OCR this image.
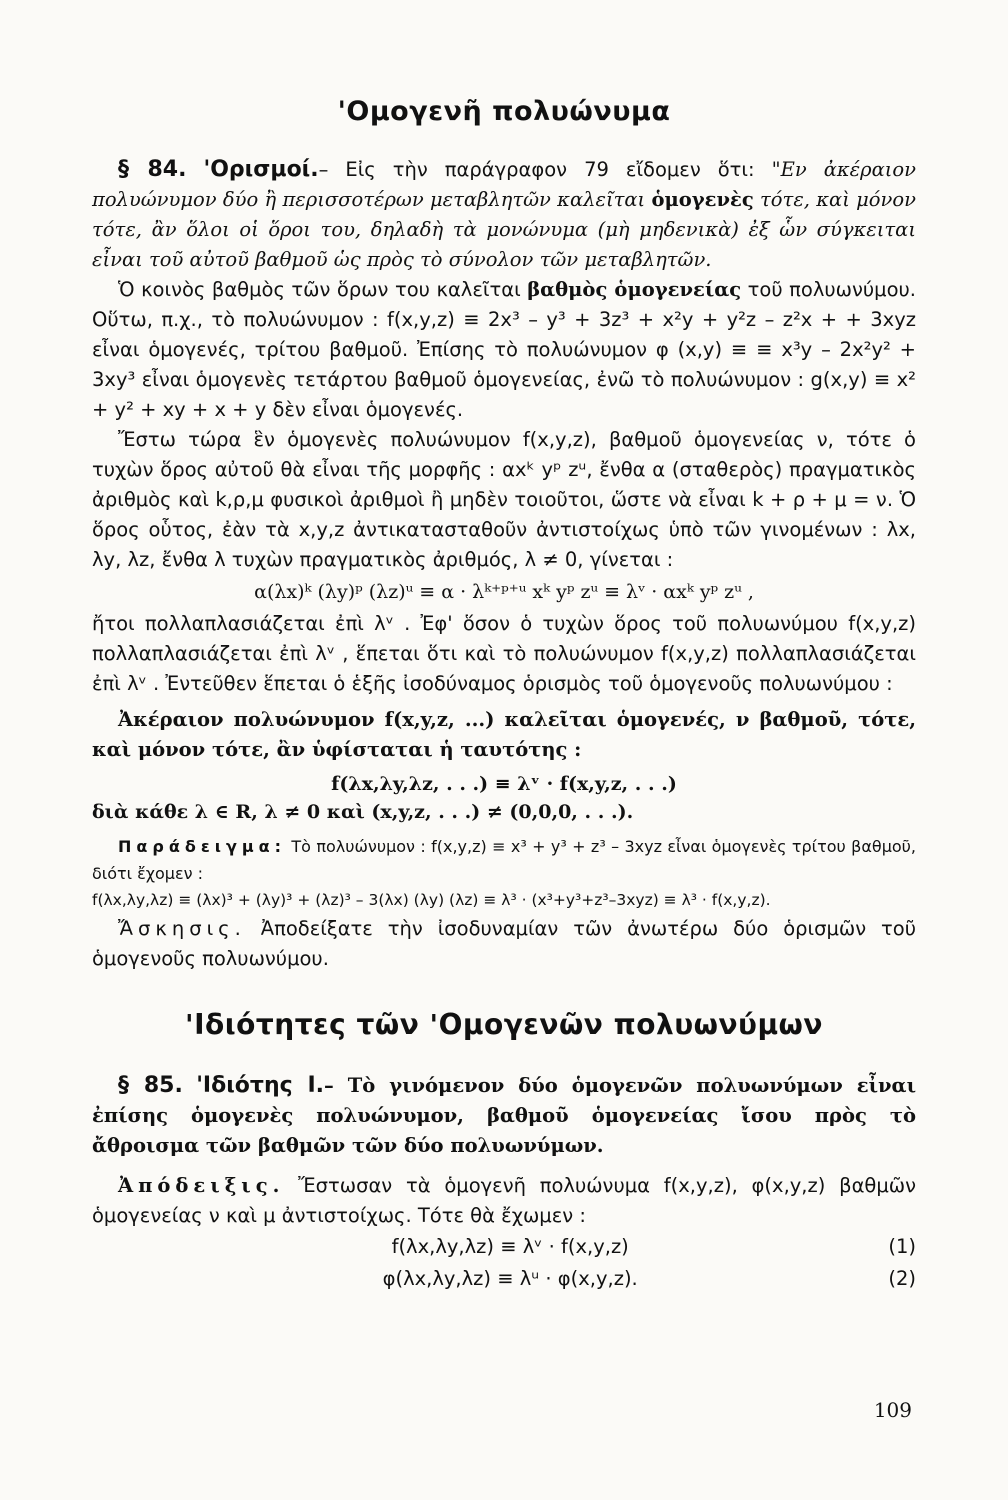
'Ομογενῆ πολυώνυμα

§ 84. 'Ορισμοί.– Εἰς τὴν παράγραφον 79 εἴδομεν ὅτι: "Εν ἀκέραιον πολυώνυμον δύο ἢ περισσοτέρων μεταβλητῶν καλεῖται ὁμογενὲς τότε, καὶ μόνον τότε, ἂν ὅλοι οἱ ὅροι του, δηλαδὴ τὰ μονώνυμα (μὴ μηδενικὰ) ἐξ ὧν σύγκειται εἶναι τοῦ αὐτοῦ βαθμοῦ ὡς πρὸς τὸ σύνολον τῶν μεταβλητῶν.

Ὁ κοινὸς βαθμὸς τῶν ὅρων του καλεῖται βαθμὸς ὁμογενείας τοῦ πολυωνύμου. Οὕτω, π.χ., τὸ πολυώνυμον : f(x,y,z) ≡ 2x³ – y³ + 3z³ + x²y + y²z – z²x + + 3xyz εἶναι ὁμογενές, τρίτου βαθμοῦ. Ἐπίσης τὸ πολυώνυμον φ (x,y) ≡ ≡ x³y – 2x²y² + 3xy³ εἶναι ὁμογενὲς τετάρτου βαθμοῦ ὁμογενείας, ἐνῶ τὸ πολυώνυμον : g(x,y) ≡ x² + y² + xy + x + y δὲν εἶναι ὁμογενές.

Ἔστω τώρα ἓν ὁμογενὲς πολυώνυμον f(x,y,z), βαθμοῦ ὁμογενείας ν, τότε ὁ τυχὼν ὅρος αὐτοῦ θὰ εἶναι τῆς μορφῆς : αxᵏ yᵖ zᵘ, ἔνθα α (σταθερὸς) πραγματικὸς ἀριθμὸς καὶ k,ρ,μ φυσικοὶ ἀριθμοὶ ἢ μηδὲν τοιοῦτοι, ὥστε νὰ εἶναι k + ρ + μ = ν. Ὁ ὅρος οὗτος, ἐὰν τὰ x,y,z ἀντικατασταθοῦν ἀντιστοίχως ὑπὸ τῶν γινομένων : λx, λy, λz, ἔνθα λ τυχὼν πραγματικὸς ἀριθμός, λ ≠ 0, γίνεται :

α(λx)ᵏ (λy)ᵖ (λz)ᵘ ≡ α · λᵏ⁺ᵖ⁺ᵘ xᵏ yᵖ zᵘ ≡ λᵛ · αxᵏ yᵖ zᵘ ,

ἤτοι πολλαπλασιάζεται ἐπὶ λᵛ . Ἐφ' ὅσον ὁ τυχὼν ὅρος τοῦ πολυωνύμου f(x,y,z) πολλαπλασιάζεται ἐπὶ λᵛ , ἕπεται ὅτι καὶ τὸ πολυώνυμον f(x,y,z) πολλαπλασιάζεται ἐπὶ λᵛ . Ἐντεῦθεν ἕπεται ὁ ἑξῆς ἰσοδύναμος ὁρισμὸς τοῦ ὁμογενοῦς πολυωνύμου :

Ἀκέραιον πολυώνυμον f(x,y,z, ...) καλεῖται ὁμογενές, ν βαθμοῦ, τότε, καὶ μόνον τότε, ἂν ὑφίσταται ἡ ταυτότης :

f(λx,λy,λz, . . .) ≡ λᵛ · f(x,y,z, . . .)
διὰ κάθε λ ∈ R, λ ≠ 0 καὶ (x,y,z, . . .) ≠ (0,0,0, . . .).

Παράδειγμα: Τὸ πολυώνυμον : f(x,y,z) ≡ x³ + y³ + z³ – 3xyz εἶναι ὁμογενὲς τρίτου βαθμοῦ, διότι ἔχομεν :

f(λx,λy,λz) ≡ (λx)³ + (λy)³ + (λz)³ – 3(λx) (λy) (λz) ≡ λ³ · (x³+y³+z³–3xyz) ≡ λ³ · f(x,y,z).

Ἄσκησις. Ἀποδείξατε τὴν ἰσοδυναμίαν τῶν ἀνωτέρω δύο ὁρισμῶν τοῦ ὁμογενοῦς πολυωνύμου.

'Ιδιότητες τῶν 'Ομογενῶν πολυωνύμων

§ 85. 'Ιδιότης Ι.– Τὸ γινόμενον δύο ὁμογενῶν πολυωνύμων εἶναι ἐπίσης ὁμογενὲς πολυώνυμον, βαθμοῦ ὁμογενείας ἴσου πρὸς τὸ ἄθροισμα τῶν βαθμῶν τῶν δύο πολυωνύμων.

Ἀπόδειξις. Ἔστωσαν τὰ ὁμογενῆ πολυώνυμα f(x,y,z), φ(x,y,z) βαθμῶν ὁμογενείας ν καὶ μ ἀντιστοίχως. Τότε θὰ ἔχωμεν :

f(λx,λy,λz) ≡ λᵛ · f(x,y,z)	(1)
φ(λx,λy,λz) ≡ λᵘ · φ(x,y,z).	(2)
109
